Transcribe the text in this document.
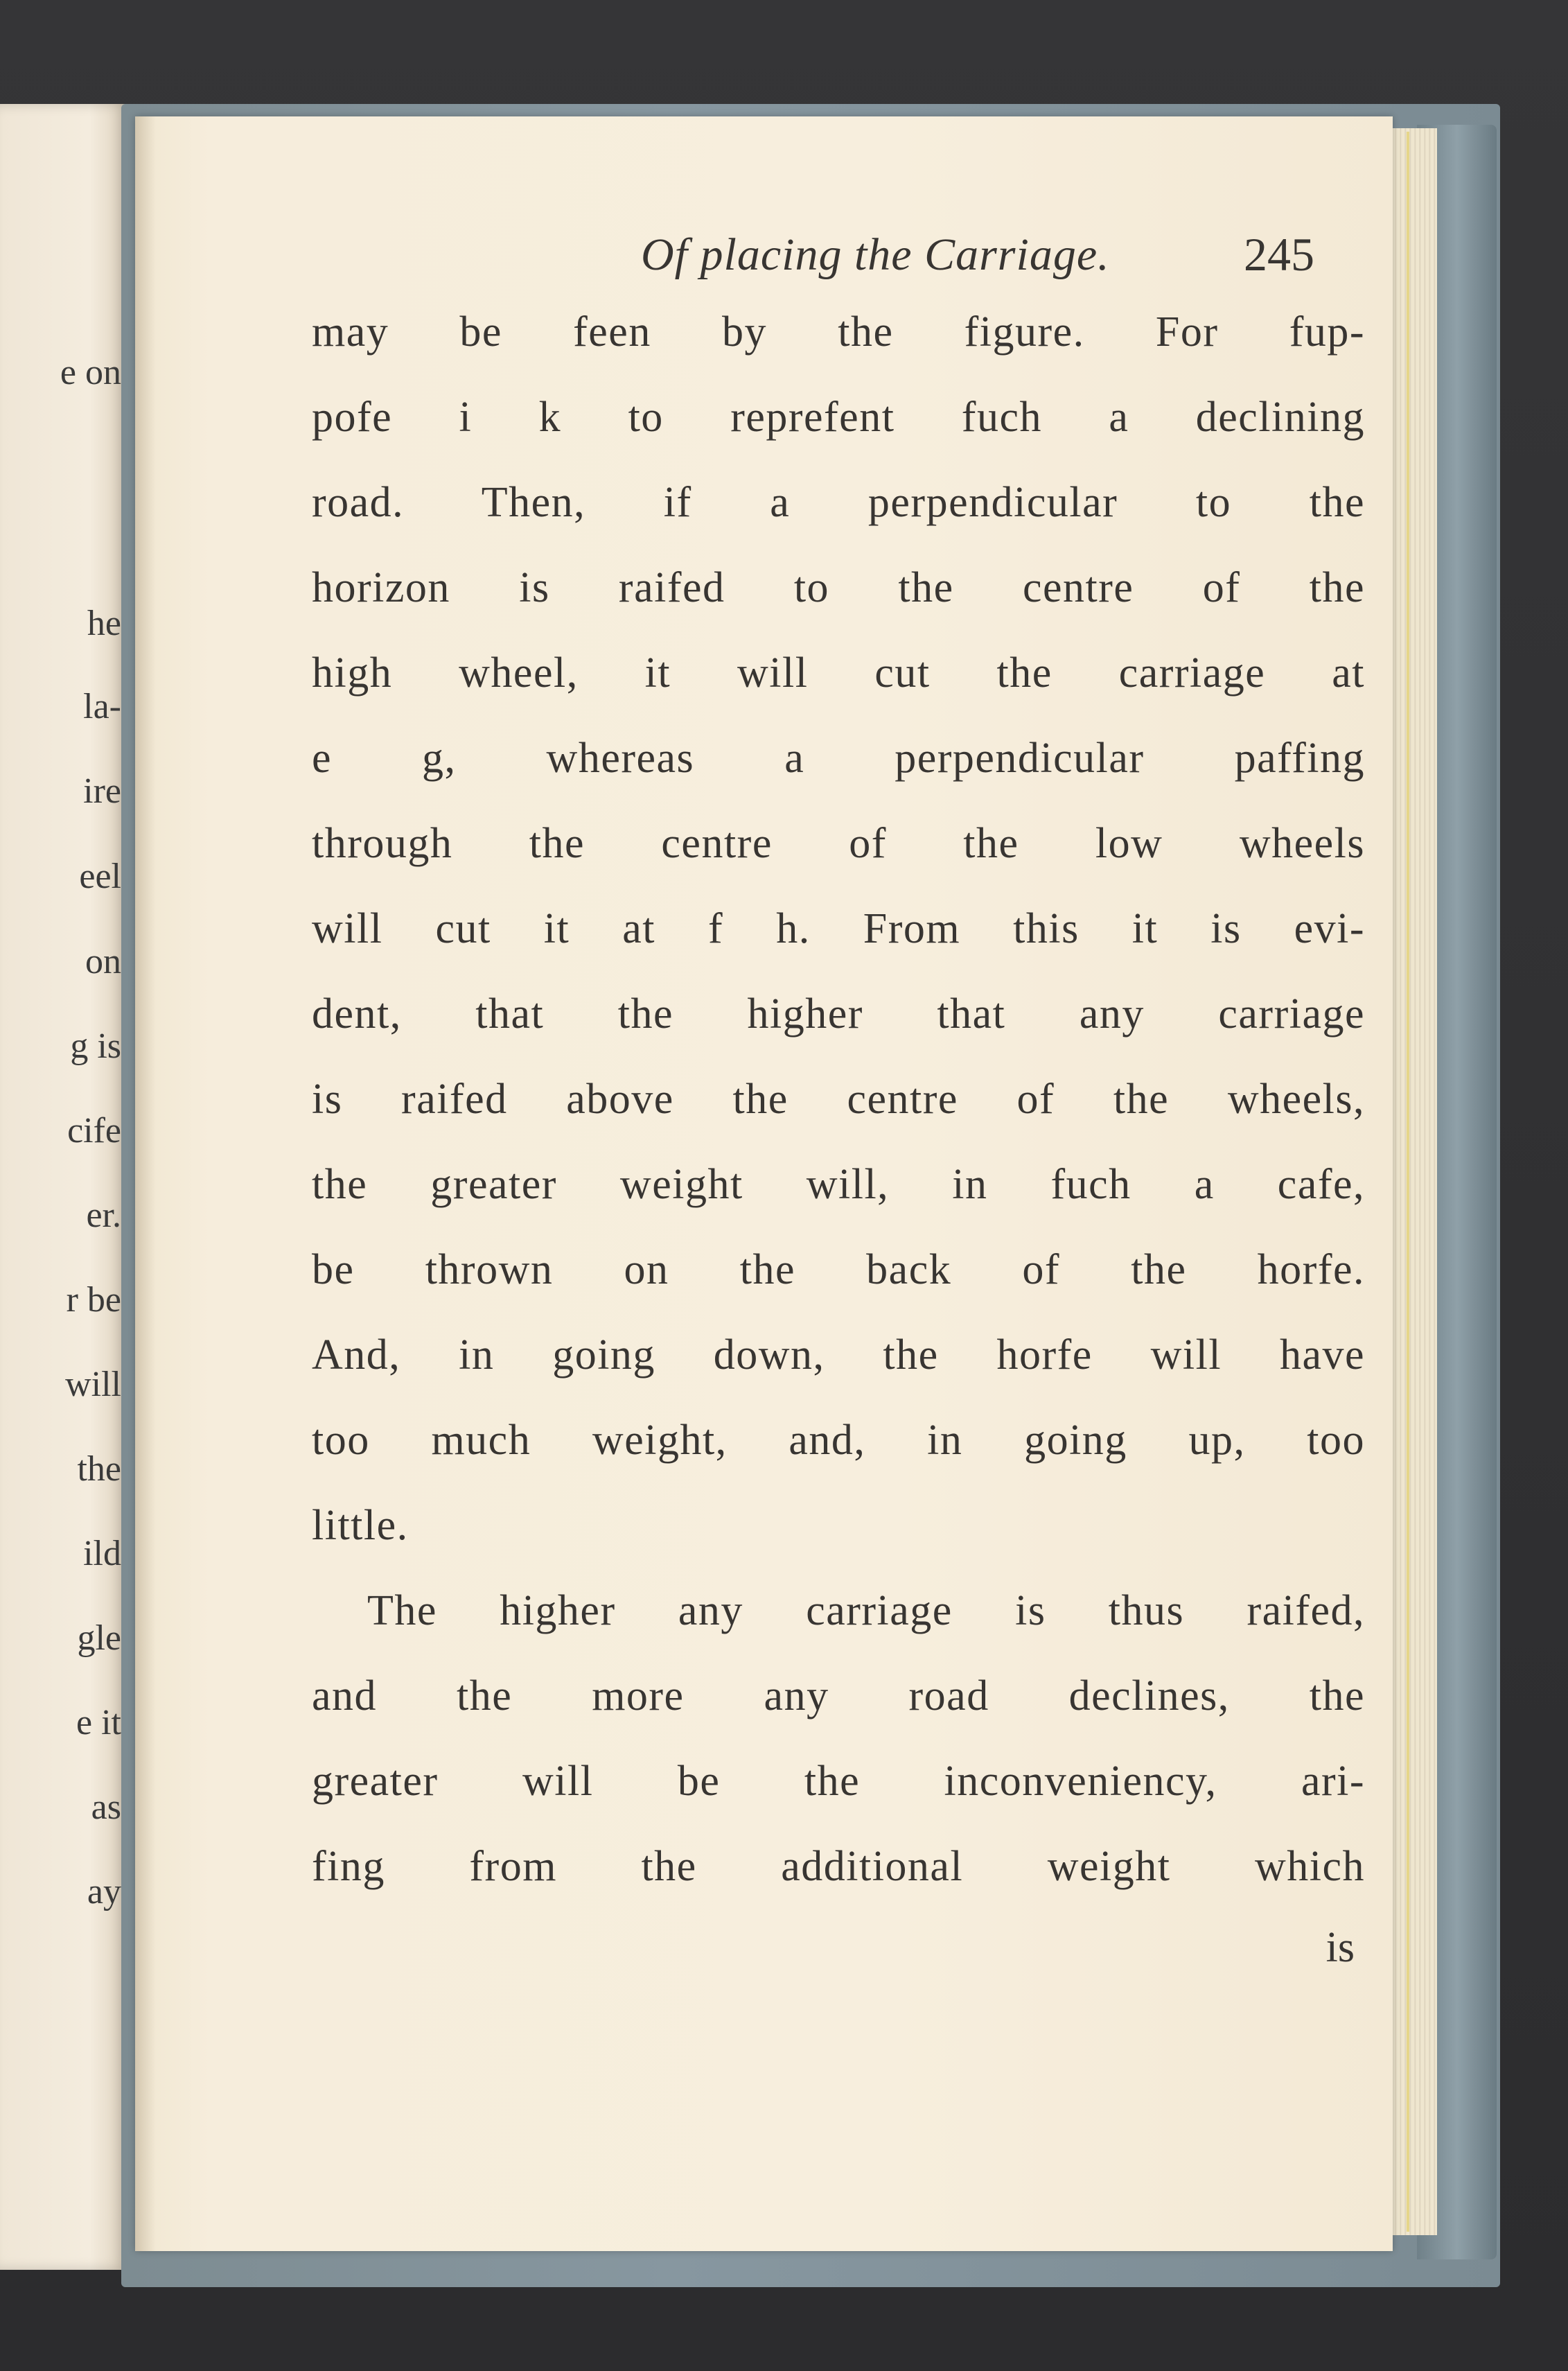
e on
he
la-
ire
eel
on
g is
cife
er.
r be
will
the
ild
gle
e it
as
ay
Of placing the Carriage.	245
may be feen by the figure. For fup-
pofe i k to reprefent fuch a declining
road. Then, if a perpendicular to the
horizon is raifed to the centre of the
high wheel, it will cut the carriage at
e g, whereas a perpendicular paffing
through the centre of the low wheels
will cut it at f h. From this it is evi-
dent, that the higher that any carriage
is raifed above the centre of the wheels,
the greater weight will, in fuch a cafe,
be thrown on the back of the horfe.
And, in going down, the horfe will have
too much weight, and, in going up, too
little.
The higher any carriage is thus raifed,
and the more any road declines, the
greater will be the inconveniency, ari-
fing from the additional weight which
is
